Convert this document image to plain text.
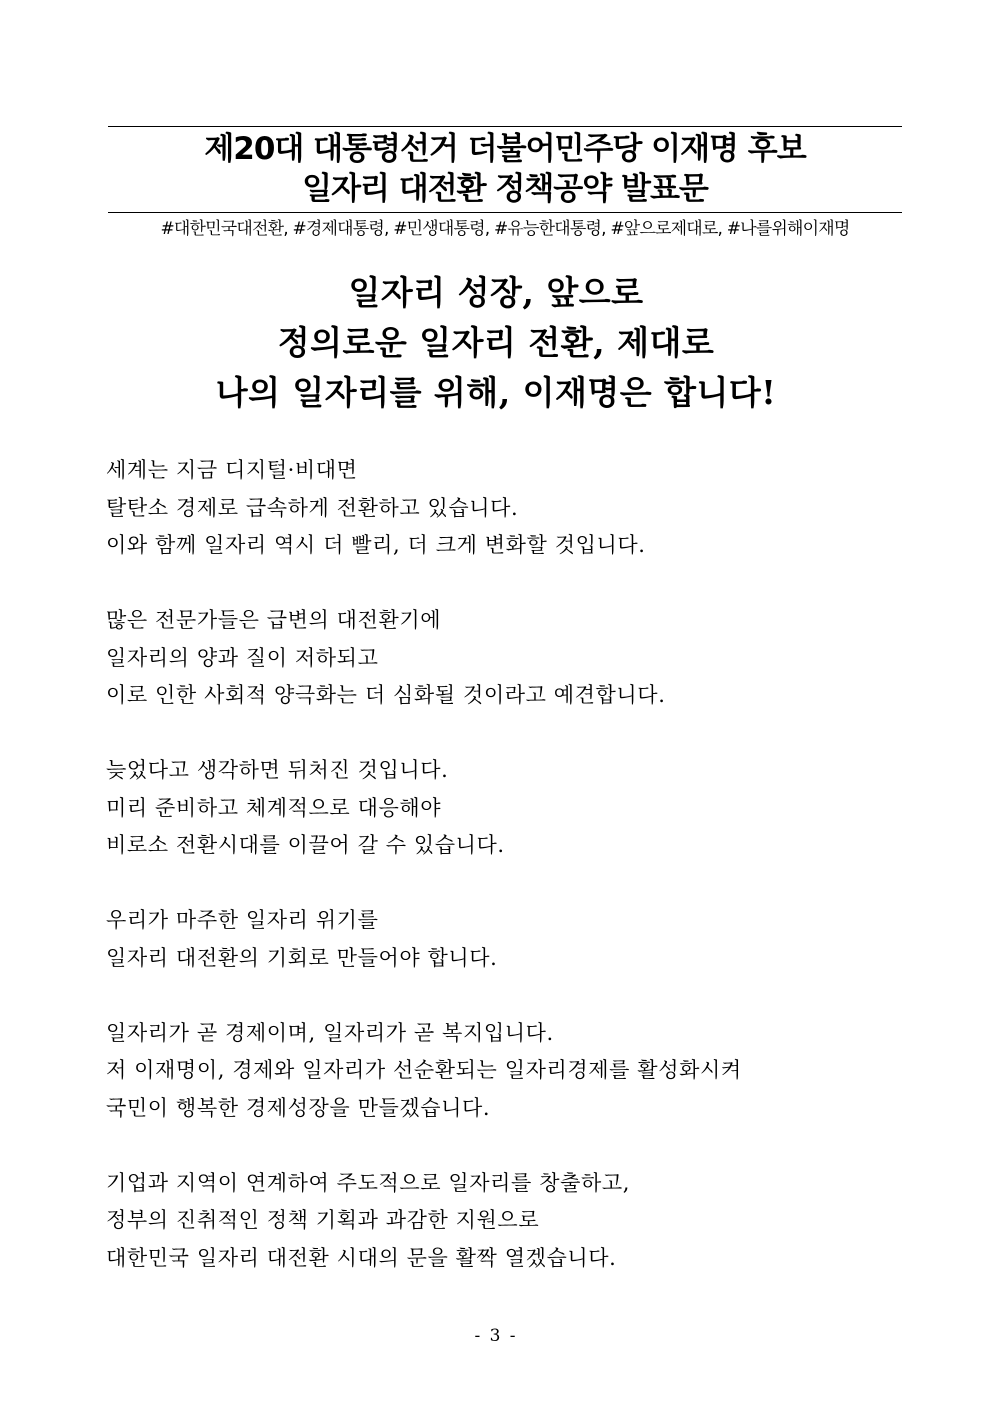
제20대 대통령선거 더불어민주당 이재명 후보
일자리 대전환 정책공약 발표문
#대한민국대전환, #경제대통령, #민생대통령, #유능한대통령, #앞으로제대로, #나를위해이재명
일자리 성장, 앞으로
정의로운 일자리 전환, 제대로
나의 일자리를 위해, 이재명은 합니다!
세계는 지금 디지털·비대면
탈탄소 경제로 급속하게 전환하고 있습니다.
이와 함께 일자리 역시 더 빨리, 더 크게 변화할 것입니다.
많은 전문가들은 급변의 대전환기에
일자리의 양과 질이 저하되고
이로 인한 사회적 양극화는 더 심화될 것이라고 예견합니다.
늦었다고 생각하면 뒤처진 것입니다.
미리 준비하고 체계적으로 대응해야
비로소 전환시대를 이끌어 갈 수 있습니다.
우리가 마주한 일자리 위기를
일자리 대전환의 기회로 만들어야 합니다.
일자리가 곧 경제이며, 일자리가 곧 복지입니다.
저 이재명이, 경제와 일자리가 선순환되는 일자리경제를 활성화시켜
국민이 행복한 경제성장을 만들겠습니다.
기업과 지역이 연계하여 주도적으로 일자리를 창출하고,
정부의 진취적인 정책 기획과 과감한 지원으로
대한민국 일자리 대전환 시대의 문을 활짝 열겠습니다.
- 3 -
